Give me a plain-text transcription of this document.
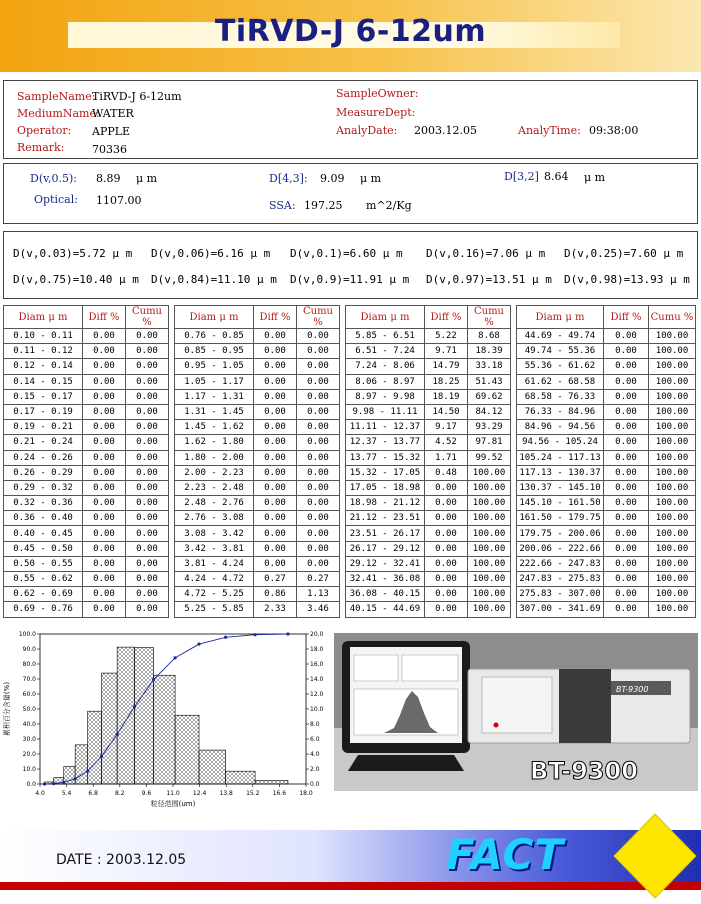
TiRVD-J 6-12um
SampleName:
TiRVD-J 6-12um
MediumName:
WATER
Operator: APPLE
Remark:	70336
SampleOwner:
MeasureDept:
AnalyDate: 2003.12.05	AnalyTime: 09:38:00
D(v,0.5): 8.89 μ m	D[4,3]: 9.09 μ m	D[3,2] 8.64 μ m
Optical: 1107.00	SSA: 197.25 m^2/Kg
D(v,0.03)=5.72 μ m D(v,0.06)=6.16 μ m D(v,0.1)=6.60 μ m D(v,0.16)=7.06 μ m D(v,0.25)=7.60 μ m
D(v,0.75)=10.40 μ m D(v,0.84)=11.10 μ m D(v,0.9)=11.91 μ m D(v,0.97)=13.51 μ m D(v,0.98)=13.93 μ m
Diam μ m	Diff %	Cumu %		Diam μ m	Diff %	Cumu %		Diam μ m	Diff %	Cumu %		Diam μ m	Diff %	Cumu %
0.10 - 0.11	0.00	0.00		0.76 - 0.85	0.00	0.00		5.85 - 6.51	5.22	8.68		44.69 - 49.74	0.00	100.00
0.11 - 0.12	0.00	0.00		0.85 - 0.95	0.00	0.00		6.51 - 7.24	9.71	18.39		49.74 - 55.36	0.00	100.00
0.12 - 0.14	0.00	0.00		0.95 - 1.05	0.00	0.00		7.24 - 8.06	14.79	33.18		55.36 - 61.62	0.00	100.00
0.14 - 0.15	0.00	0.00		1.05 - 1.17	0.00	0.00		8.06 - 8.97	18.25	51.43		61.62 - 68.58	0.00	100.00
0.15 - 0.17	0.00	0.00		1.17 - 1.31	0.00	0.00		8.97 - 9.98	18.19	69.62		68.58 - 76.33	0.00	100.00
0.17 - 0.19	0.00	0.00		1.31 - 1.45	0.00	0.00		9.98 - 11.11	14.50	84.12		76.33 - 84.96	0.00	100.00
0.19 - 0.21	0.00	0.00		1.45 - 1.62	0.00	0.00		11.11 - 12.37	9.17	93.29		84.96 - 94.56	0.00	100.00
0.21 - 0.24	0.00	0.00		1.62 - 1.80	0.00	0.00		12.37 - 13.77	4.52	97.81		94.56 - 105.24	0.00	100.00
0.24 - 0.26	0.00	0.00		1.80 - 2.00	0.00	0.00		13.77 - 15.32	1.71	99.52		105.24 - 117.13	0.00	100.00
0.26 - 0.29	0.00	0.00		2.00 - 2.23	0.00	0.00		15.32 - 17.05	0.48	100.00		117.13 - 130.37	0.00	100.00
0.29 - 0.32	0.00	0.00		2.23 - 2.48	0.00	0.00		17.05 - 18.98	0.00	100.00		130.37 - 145.10	0.00	100.00
0.32 - 0.36	0.00	0.00		2.48 - 2.76	0.00	0.00		18.98 - 21.12	0.00	100.00		145.10 - 161.50	0.00	100.00
0.36 - 0.40	0.00	0.00		2.76 - 3.08	0.00	0.00		21.12 - 23.51	0.00	100.00		161.50 - 179.75	0.00	100.00
0.40 - 0.45	0.00	0.00		3.08 - 3.42	0.00	0.00		23.51 - 26.17	0.00	100.00		179.75 - 200.06	0.00	100.00
0.45 - 0.50	0.00	0.00		3.42 - 3.81	0.00	0.00		26.17 - 29.12	0.00	100.00		200.06 - 222.66	0.00	100.00
0.50 - 0.55	0.00	0.00		3.81 - 4.24	0.00	0.00		29.12 - 32.41	0.00	100.00		222.66 - 247.83	0.00	100.00
0.55 - 0.62	0.00	0.00		4.24 - 4.72	0.27	0.27		32.41 - 36.08	0.00	100.00		247.83 - 275.83	0.00	100.00
0.62 - 0.69	0.00	0.00		4.72 - 5.25	0.86	1.13		36.08 - 40.15	0.00	100.00		275.83 - 307.00	0.00	100.00
0.69 - 0.76	0.00	0.00		5.25 - 5.85	2.33	3.46		40.15 - 44.69	0.00	100.00		307.00 - 341.69	0.00	100.00
4.0	5.4	6.8	8.2	9.6	11.0 12.4 13.8 15.2 16.6 18.0
0.0
10.0
20.0
30.0
40.0
50.0
60.0
70.0
80.0
90.0
100.0
0.0
2.0
4.0
6.0
8.0
10.0
12.0
14.0
16.0
18.0
20.0
粒径范围(um)
累积百分含量(%)	BT-9300
BT-9300
DATE : 2003.12.05	FACT
